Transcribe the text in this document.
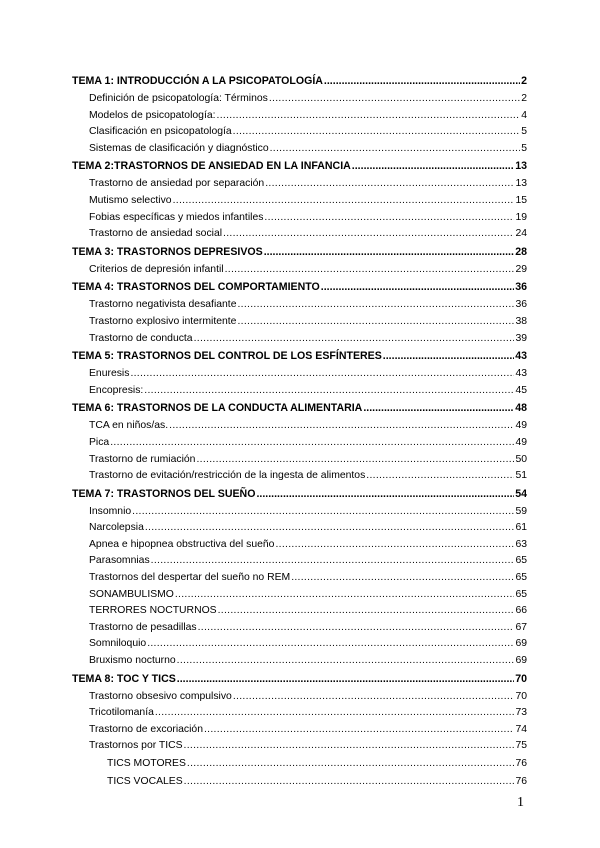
TEMA 1: INTRODUCCIÓN A LA PSICOPATOLOGÍA .....	2
Definición de psicopatología: Términos .....	2
Modelos de psicopatología: .....	4
Clasificación en psicopatología .....	5
Sistemas de clasificación y diagnóstico .....	5
TEMA 2:TRASTORNOS DE ANSIEDAD EN LA INFANCIA .....	13
Trastorno de ansiedad por separación .....	13
Mutismo selectivo .....	15
Fobias específicas y miedos infantiles .....	19
Trastorno de ansiedad social .....	24
TEMA 3: TRASTORNOS DEPRESIVOS .....	28
Criterios de depresión infantil .....	29
TEMA 4: TRASTORNOS DEL COMPORTAMIENTO .....	36
Trastorno negativista desafiante .....	36
Trastorno explosivo intermitente .....	38
Trastorno de conducta .....	39
TEMA 5: TRASTORNOS DEL CONTROL DE LOS ESFÍNTERES .....	43
Enuresis .....	43
Encopresis: .....	45
TEMA 6: TRASTORNOS DE LA CONDUCTA ALIMENTARIA .....	48
TCA en niños/as. .....	49
Pica .....	49
Trastorno de rumiación .....	50
Trastorno de evitación/restricción de la ingesta de alimentos .....	51
TEMA 7: TRASTORNOS DEL SUEÑO .....	54
Insomnio .....	59
Narcolepsia .....	61
Apnea e hipopnea obstructiva del sueño .....	63
Parasomnias .....	65
Trastornos del despertar del sueño no REM .....	65
SONAMBULISMO .....	65
TERRORES NOCTURNOS .....	66
Trastorno de pesadillas .....	67
Somniloquio .....	69
Bruxismo nocturno .....	69
TEMA 8: TOC Y TICS .....	70
Trastorno obsesivo compulsivo .....	70
Tricotilomanía .....	73
Trastorno de excoriación .....	74
Trastornos por TICS .....	75
TICS MOTORES .....	76
TICS VOCALES .....	76
1
